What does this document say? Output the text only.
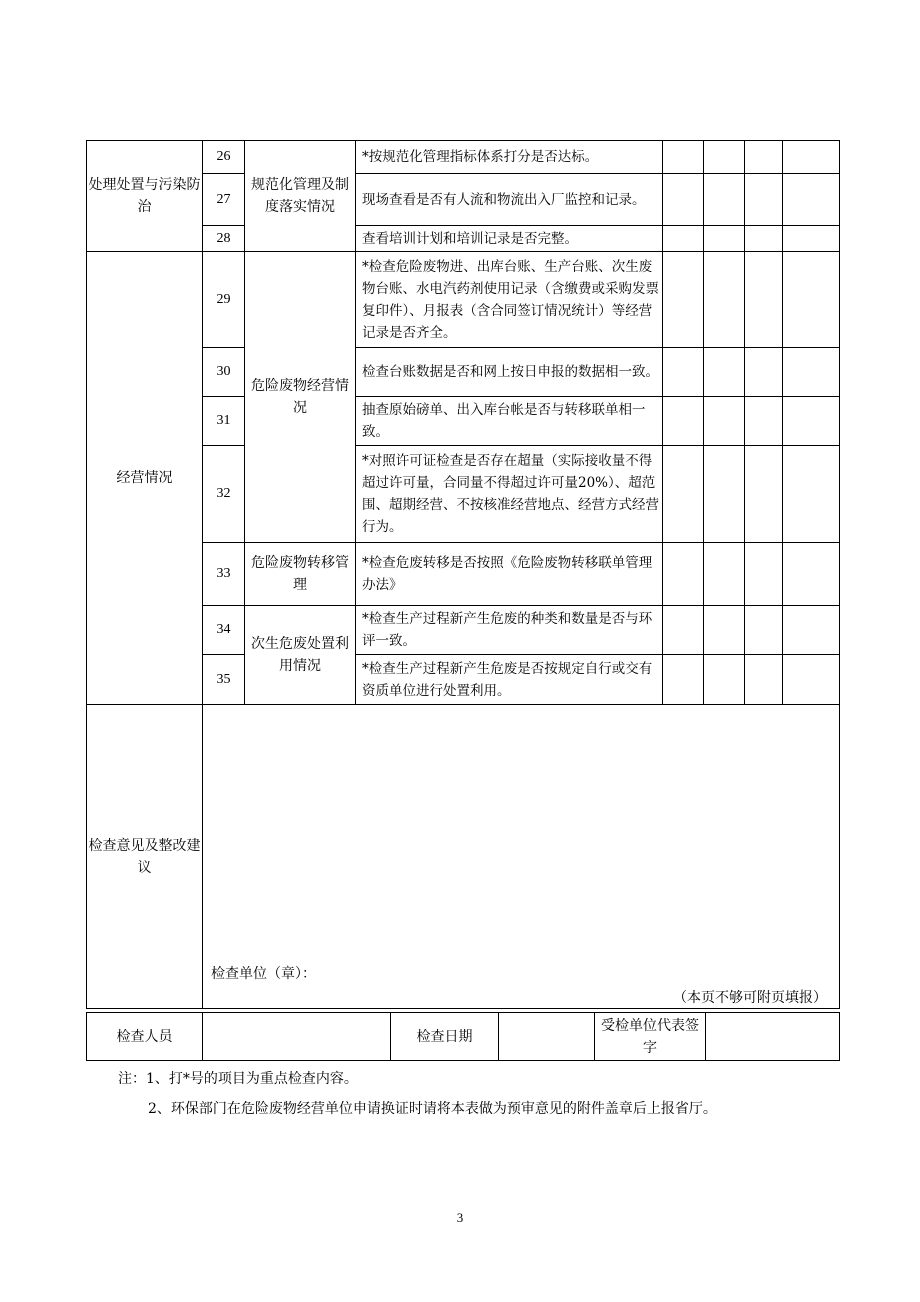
处理处置与污染防治	26	规范化管理及制度落实情况	*按规范化管理指标体系打分是否达标。				
	27		现场查看是否有人流和物流出入厂监控和记录。				
	28		查看培训计划和培训记录是否完整。				
经营情况	29	危险废物经营情况	*检查危险废物进、出库台账、生产台账、次生废物台账、水电汽药剂使用记录（含缴费或采购发票复印件）、月报表（含合同签订情况统计）等经营记录是否齐全。				
	30		检查台账数据是否和网上按日申报的数据相一致。				
	31		抽查原始磅单、出入库台帐是否与转移联单相一致。				
	32		*对照许可证检查是否存在超量（实际接收量不得超过许可量，合同量不得超过许可量20%）、超范围、超期经营、不按核准经营地点、经营方式经营行为。				
	33	危险废物转移管理	*检查危废转移是否按照《危险废物转移联单管理办法》				
	34	次生危废处置利用情况	*检查生产过程新产生危废的种类和数量是否与环评一致。				
	35		*检查生产过程新产生危废是否按规定自行或交有资质单位进行处置利用。				
检查意见及整改建议	检查单位（章）：
（本页不够可附页填报）						
检查人员		检查日期		受检单位代表签字	
注：1、打*号的项目为重点检查内容。
2、环保部门在危险废物经营单位申请换证时请将本表做为预审意见的附件盖章后上报省厅。
3
